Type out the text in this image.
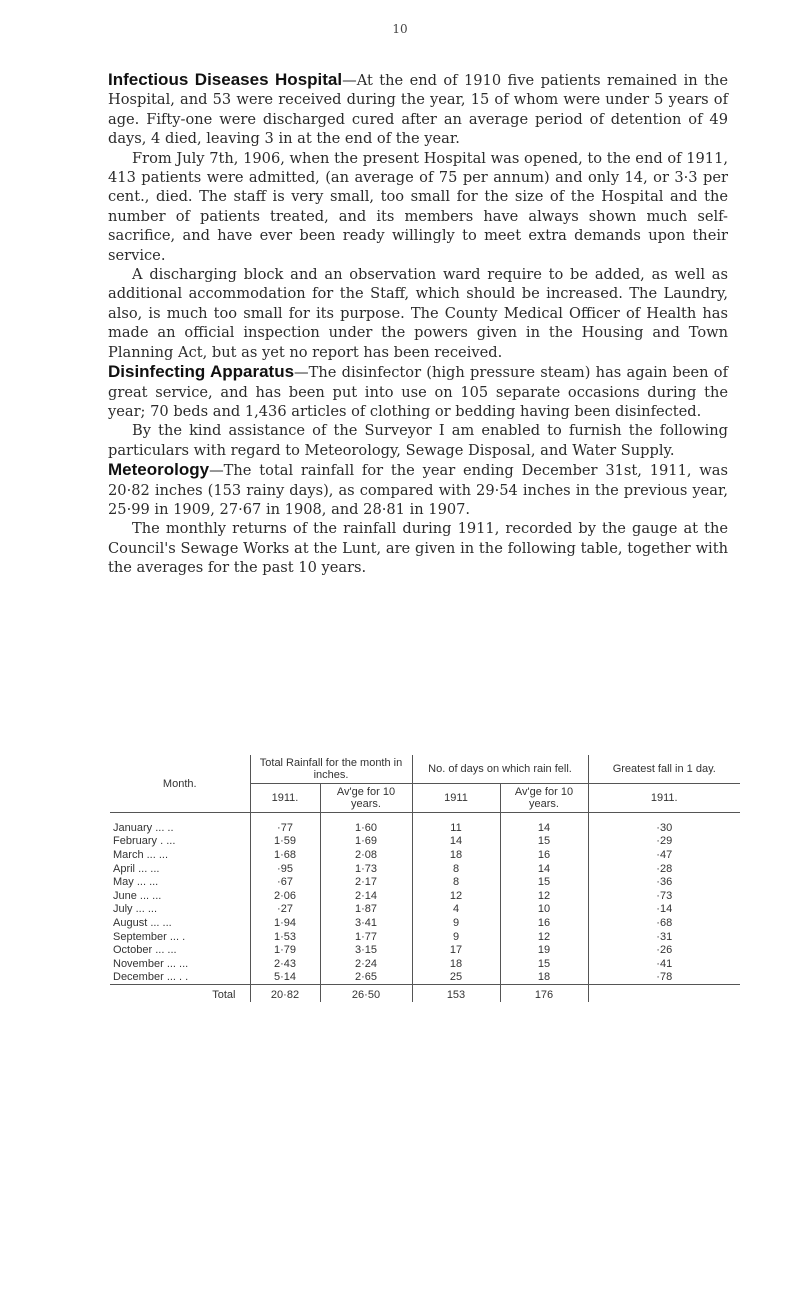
10

Infectious Diseases Hospital—At the end of 1910 five patients remained in the Hospital, and 53 were received during the year, 15 of whom were under 5 years of age. Fifty-one were discharged cured after an average period of detention of 49 days, 4 died, leaving 3 in at the end of the year.

From July 7th, 1906, when the present Hospital was opened, to the end of 1911, 413 patients were admitted, (an average of 75 per annum) and only 14, or 3·3 per cent., died. The staff is very small, too small for the size of the Hospital and the number of patients treated, and its members have always shown much self-sacrifice, and have ever been ready willingly to meet extra demands upon their service.

A discharging block and an observation ward require to be added, as well as additional accommodation for the Staff, which should be increased. The Laundry, also, is much too small for its purpose. The County Medical Officer of Health has made an official inspection under the powers given in the Housing and Town Planning Act, but as yet no report has been received.

Disinfecting Apparatus—The disinfector (high pressure steam) has again been of great service, and has been put into use on 105 separate occasions during the year; 70 beds and 1,436 articles of clothing or bedding having been disinfected.

By the kind assistance of the Surveyor I am enabled to furnish the following particulars with regard to Meteorology, Sewage Disposal, and Water Supply.

Meteorology—The total rainfall for the year ending December 31st, 1911, was 20·82 inches (153 rainy days), as compared with 29·54 inches in the previous year, 25·99 in 1909, 27·67 in 1908, and 28·81 in 1907.

The monthly returns of the rainfall during 1911, recorded by the gauge at the Council's Sewage Works at the Lunt, are given in the following table, together with the averages for the past 10 years.

Month.	Total Rainfall for the month in inches.		No. of days on which rain fell.		Greatest fall in 1 day.
	1911.	Av'ge for 10 years.	1911	Av'ge for 10 years.	1911.
January ... ..	·77	1·60	11	14	·30
February . ...	1·59	1·69	14	15	·29
March ... ...	1·68	2·08	18	16	·47
April ... ...	·95	1·73	8	14	·28
May ... ...	·67	2·17	8	15	·36
June ... ...	2·06	2·14	12	12	·73
July ... ...	·27	1·87	4	10	·14
August ... ...	1·94	3·41	9	16	·68
September ... .	1·53	1·77	9	12	·31
October ... ...	1·79	3·15	17	19	·26
November ... ...	2·43	2·24	18	15	·41
December ... . .	5·14	2·65	25	18	·78
Total	20·82	26·50	153	176	
